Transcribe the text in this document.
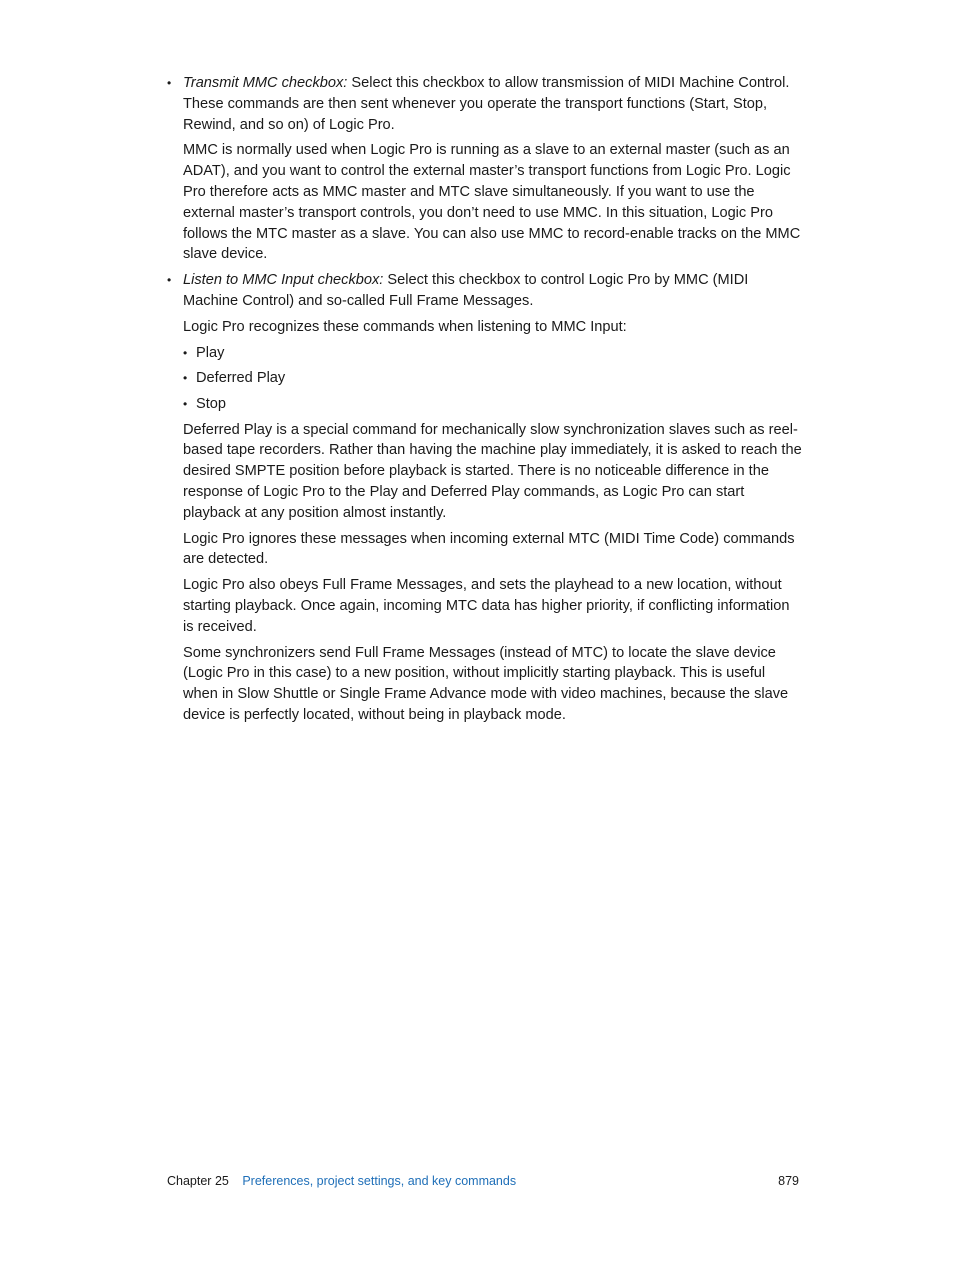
• Transmit MMC checkbox: Select this checkbox to allow transmission of MIDI Machine Control. These commands are then sent whenever you operate the transport functions (Start, Stop, Rewind, and so on) of Logic Pro.

MMC is normally used when Logic Pro is running as a slave to an external master (such as an ADAT), and you want to control the external master’s transport functions from Logic Pro. Logic Pro therefore acts as MMC master and MTC slave simultaneously. If you want to use the external master’s transport controls, you don’t need to use MMC. In this situation, Logic Pro follows the MTC master as a slave. You can also use MMC to record-enable tracks on the MMC slave device.

• Listen to MMC Input checkbox: Select this checkbox to control Logic Pro by MMC (MIDI Machine Control) and so-called Full Frame Messages.

Logic Pro recognizes these commands when listening to MMC Input:

• Play
• Deferred Play
• Stop

Deferred Play is a special command for mechanically slow synchronization slaves such as reel-based tape recorders. Rather than having the machine play immediately, it is asked to reach the desired SMPTE position before playback is started. There is no noticeable difference in the response of Logic Pro to the Play and Deferred Play commands, as Logic Pro can start playback at any position almost instantly.

Logic Pro ignores these messages when incoming external MTC (MIDI Time Code) commands are detected.

Logic Pro also obeys Full Frame Messages, and sets the playhead to a new location, without starting playback. Once again, incoming MTC data has higher priority, if conflicting information is received.

Some synchronizers send Full Frame Messages (instead of MTC) to locate the slave device (Logic Pro in this case) to a new position, without implicitly starting playback. This is useful when in Slow Shuttle or Single Frame Advance mode with video machines, because the slave device is perfectly located, without being in playback mode.

Chapter 25 Preferences, project settings, and key commands	879
